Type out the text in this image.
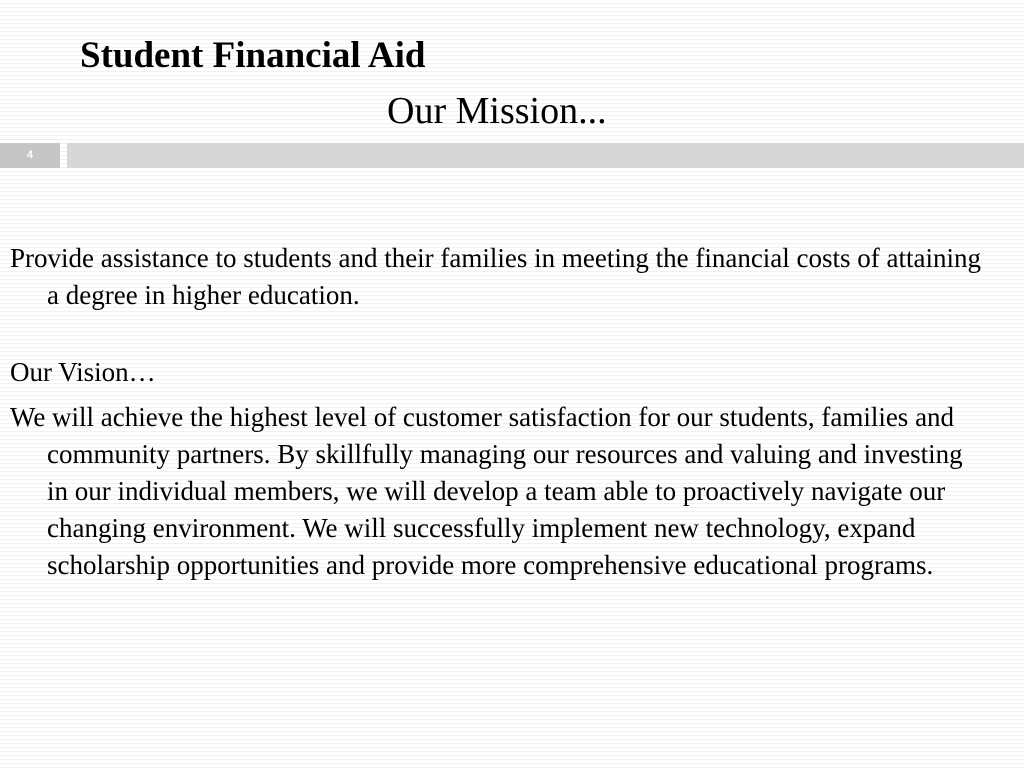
Student Financial Aid
Our Mission...
4

Provide assistance to students and their families in meeting the financial costs of attaining a degree in higher education.

Our Vision…

We will achieve the highest level of customer satisfaction for our students, families and community partners. By skillfully managing our resources and valuing and investing in our individual members, we will develop a team able to proactively navigate our changing environment. We will successfully implement new technology, expand scholarship opportunities and provide more comprehensive educational programs.
